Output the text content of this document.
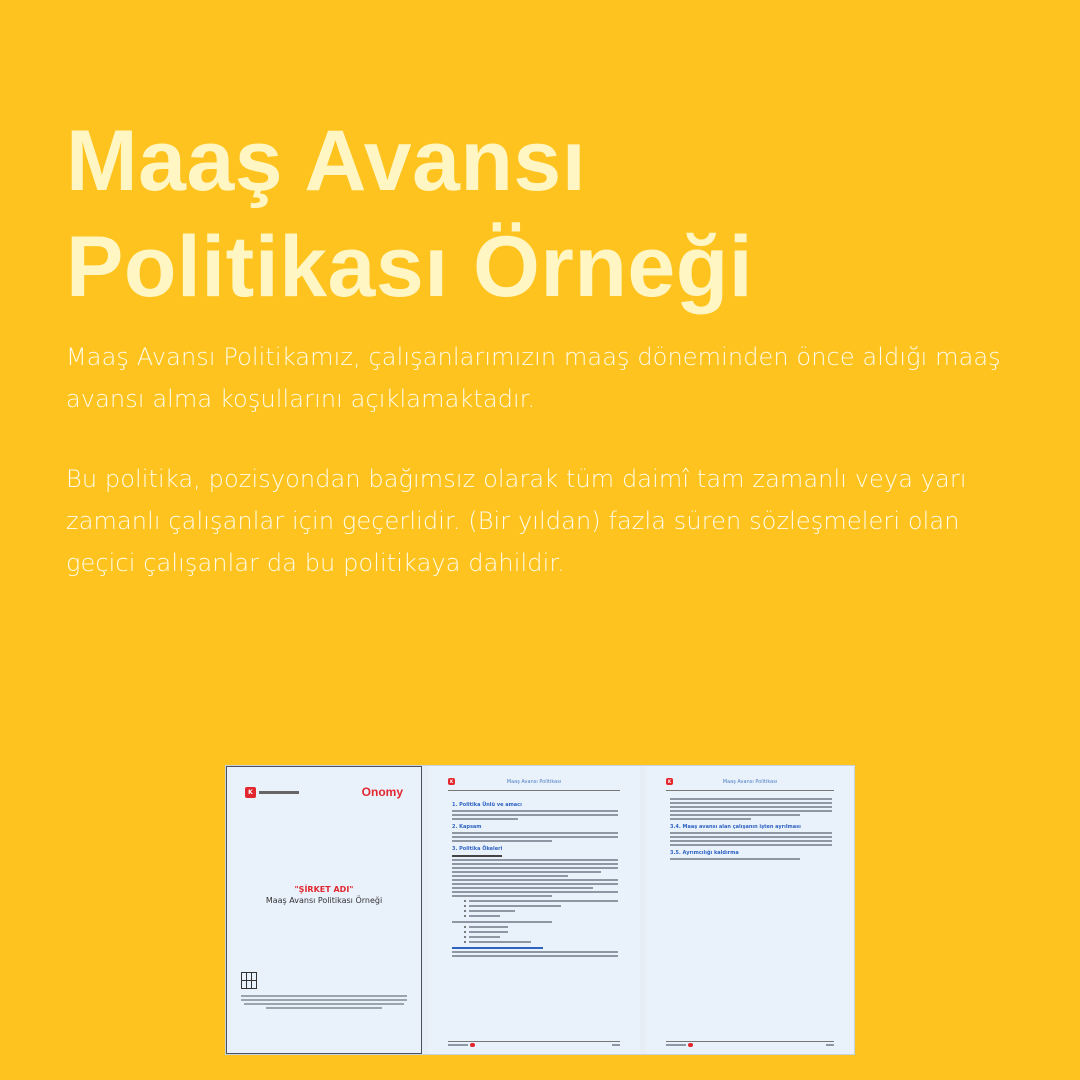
Maaş Avansı
Politikası Örneği

Maaş Avansı Politikamız, çalışanlarımızın maaş döneminden önce aldığı maaş avansı alma koşullarını açıklamaktadır.

Bu politika, pozisyondan bağımsız olarak tüm daimî tam zamanlı veya yarı zamanlı çalışanlar için geçerlidir. (Bir yıldan) fazla süren sözleşmeleri olan geçici çalışanlar da bu politikaya dahildir.

K	Onomy
"ŞİRKET ADI"
Maaş Avansı Politikası Örneği

K	Maaş Avansı Politikası
1. Politika Ünlü ve amacı
2. Kapsam
3. Politika Ökeleri
K	Maaş Avansı Politikası
3.4. Maaş avansı alan çalışanın işten ayrılması
3.5. Ayrımcılığı kaldırma
